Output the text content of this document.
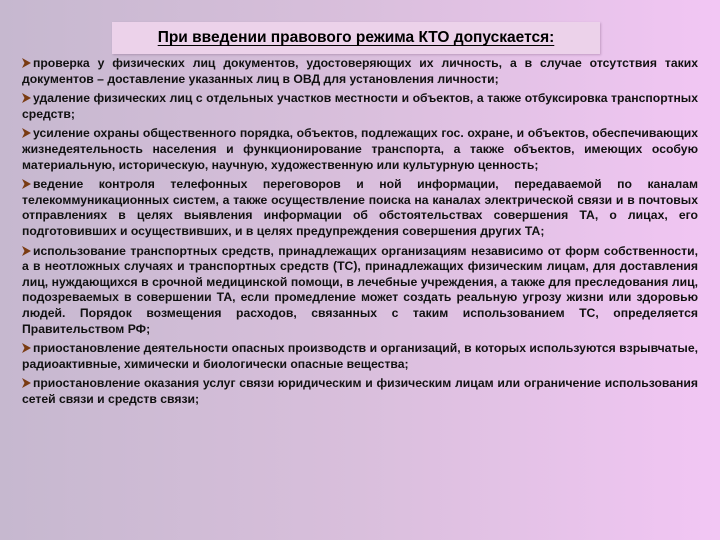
При введении правового режима КТО допускается:

проверка у физических лиц документов, удостоверяющих их личность, а в случае отсутствия таких документов – доставление указанных лиц в ОВД для установления личности;

удаление физических лиц с отдельных участков местности и объектов, а также отбуксировка транспортных средств;

усиление охраны общественного порядка, объектов, подлежащих гос. охране, и объектов, обеспечивающих жизнедеятельность населения и функционирование транспорта, а также объектов, имеющих особую материальную, историческую, научную, художественную или культурную ценность;

ведение контроля телефонных переговоров и ной информации, передаваемой по каналам телекоммуникационных систем, а также осуществление поиска на каналах электрической связи и в почтовых отправлениях в целях выявления информации об обстоятельствах совершения ТА, о лицах, его подготовивших и осуществивших, и в целях предупреждения совершения других ТА;

использование транспортных средств, принадлежащих организациям независимо от форм собственности, а в неотложных случаях и транспортных средств (ТС), принадлежащих физическим лицам, для доставления лиц, нуждающихся в срочной медицинской помощи, в лечебные учреждения, а также для преследования лиц, подозреваемых в совершении ТА, если промедление может создать реальную угрозу жизни или здоровью людей. Порядок возмещения расходов, связанных с таким использованием ТС, определяется Правительством РФ;

приостановление деятельности опасных производств и организаций, в которых используются взрывчатые, радиоактивные, химически и биологически опасные вещества;

приостановление оказания услуг связи юридическим и физическим лицам или ограничение использования сетей связи и средств связи;
